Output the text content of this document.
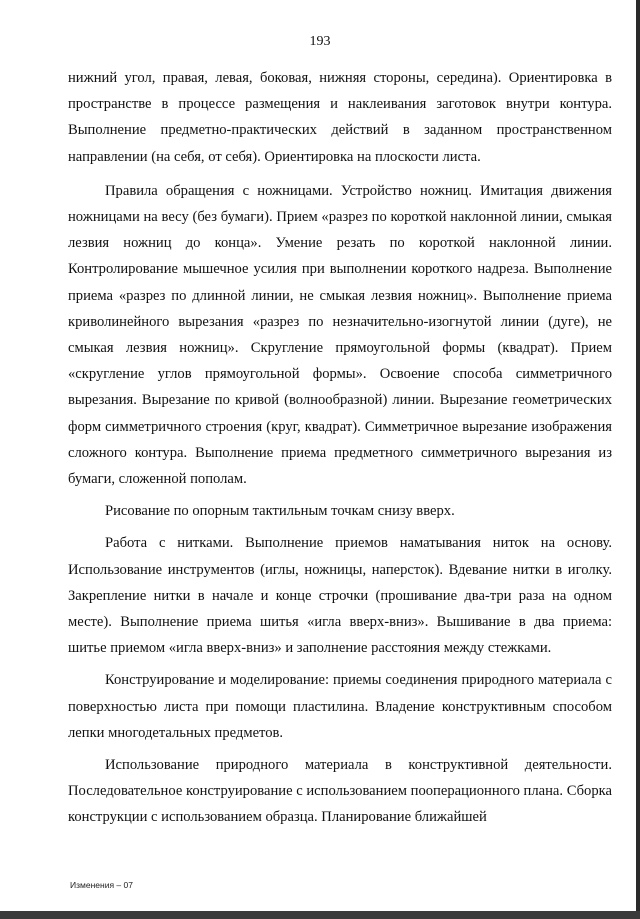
193

нижний угол, правая, левая, боковая, нижняя стороны, середина). Ориентировка в пространстве в процессе размещения и наклеивания заготовок внутри контура. Выполнение предметно-практических действий в заданном пространственном направлении (на себя, от себя). Ориентировка на плоскости листа.

Правила обращения с ножницами. Устройство ножниц. Имитация движения ножницами на весу (без бумаги). Прием «разрез по короткой наклонной линии, смыкая лезвия ножниц до конца». Умение резать по короткой наклонной линии. Контролирование мышечное усилия при выполнении короткого надреза. Выполнение приема «разрез по длинной линии, не смыкая лезвия ножниц». Выполнение приема криволинейного вырезания «разрез по незначительно-изогнутой линии (дуге), не смыкая лезвия ножниц». Скругление прямоугольной формы (квадрат). Прием «скругление углов прямоугольной формы». Освоение способа симметричного вырезания. Вырезание по кривой (волнообразной) линии. Вырезание геометрических форм симметричного строения (круг, квадрат). Симметричное вырезание изображения сложного контура. Выполнение приема предметного симметричного вырезания из бумаги, сложенной пополам.

Рисование по опорным тактильным точкам снизу вверх.

Работа с нитками. Выполнение приемов наматывания ниток на основу. Использование инструментов (иглы, ножницы, наперсток). Вдевание нитки в иголку. Закрепление нитки в начале и конце строчки (прошивание два-три раза на одном месте). Выполнение приема шитья «игла вверх-вниз». Вышивание в два приема: шитье приемом «игла вверх-вниз» и заполнение расстояния между стежками.

Конструирование и моделирование: приемы соединения природного материала с поверхностью листа при помощи пластилина. Владение конструктивным способом лепки многодетальных предметов.

Использование природного материала в конструктивной деятельности. Последовательное конструирование с использованием пооперационного плана. Сборка конструкции с использованием образца. Планирование ближайшей

Изменения – 07
